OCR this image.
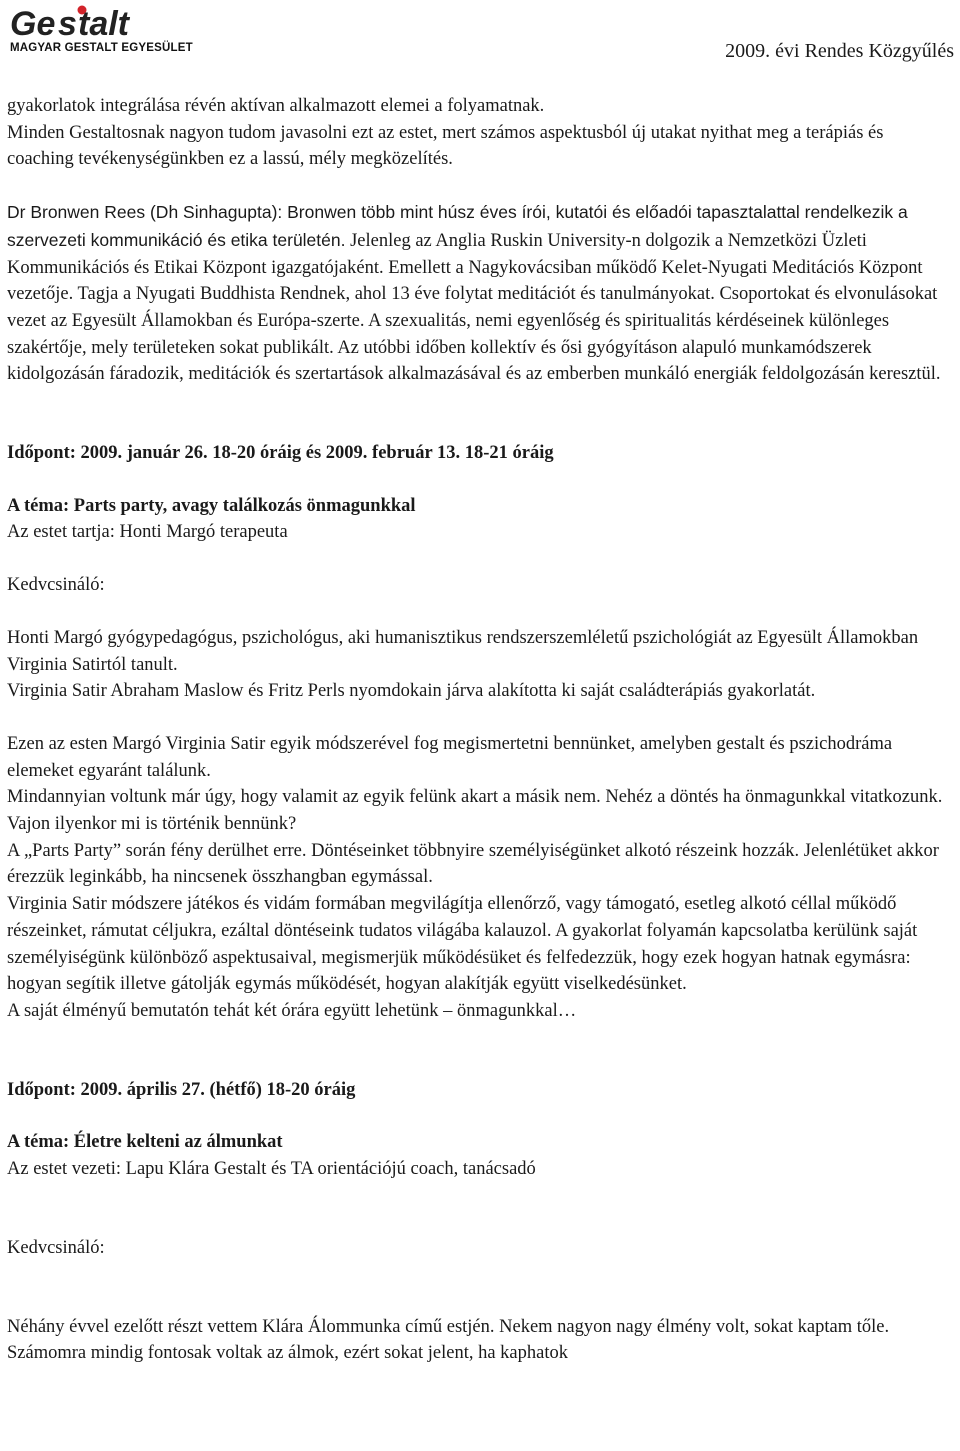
Ge s talt
MAGYAR GESTALT EGYESÜLET	2009. évi Rendes Közgyűlés

gyakorlatok integrálása révén aktívan alkalmazott elemei a folyamatnak.

Minden Gestaltosnak nagyon tudom javasolni ezt az estet, mert számos aspektusból új utakat nyithat meg a terápiás és coaching tevékenységünkben ez a lassú, mély megközelítés.

Dr Bronwen Rees (Dh Sinhagupta): Bronwen több mint húsz éves írói, kutatói és előadói tapasztalattal rendelkezik a szervezeti kommunikáció és etika területén. Jelenleg az Anglia Ruskin University-n dolgozik a Nemzetközi Üzleti Kommunikációs és Etikai Központ igazgatójaként. Emellett a Nagykovácsiban működő Kelet-Nyugati Meditációs Központ vezetője. Tagja a Nyugati Buddhista Rendnek, ahol 13 éve folytat meditációt és tanulmányokat. Csoportokat és elvonulásokat vezet az Egyesült Államokban és Európa-szerte. A szexualitás, nemi egyenlőség és spiritualitás kérdéseinek különleges szakértője, mely területeken sokat publikált. Az utóbbi időben kollektív és ősi gyógyításon alapuló munkamódszerek kidolgozásán fáradozik, meditációk és szertartások alkalmazásával és az emberben munkáló energiák feldolgozásán keresztül.

Időpont: 2009. január 26. 18-20 óráig és 2009. február 13. 18-21 óráig

A téma: Parts party, avagy találkozás önmagunkkal

Az estet tartja: Honti Margó terapeuta

Kedvcsináló:

Honti Margó gyógypedagógus, pszichológus, aki humanisztikus rendszerszemléletű pszichológiát az Egyesült Államokban Virginia Satirtól tanult.

Virginia Satir Abraham Maslow és Fritz Perls nyomdokain járva alakította ki saját családterápiás gyakorlatát.

Ezen az esten Margó Virginia Satir egyik módszerével fog megismertetni bennünket, amelyben gestalt és pszichodráma elemeket egyaránt találunk.

Mindannyian voltunk már úgy, hogy valamit az egyik felünk akart a másik nem. Nehéz a döntés ha önmagunkkal vitatkozunk. Vajon ilyenkor mi is történik bennünk?

A „Parts Party” során fény derülhet erre. Döntéseinket többnyire személyiségünket alkotó részeink hozzák. Jelenlétüket akkor érezzük leginkább, ha nincsenek összhangban egymással.

Virginia Satir módszere játékos és vidám formában megvilágítja ellenőrző, vagy támogató, esetleg alkotó céllal működő részeinket, rámutat céljukra, ezáltal döntéseink tudatos világába kalauzol. A gyakorlat folyamán kapcsolatba kerülünk saját személyiségünk különböző aspektusaival, megismerjük működésüket és felfedezzük, hogy ezek hogyan hatnak egymásra: hogyan segítik illetve gátolják egymás működését, hogyan alakítják együtt viselkedésünket.

A saját élményű bemutatón tehát két órára együtt lehetünk – önmagunkkal…

Időpont: 2009. április 27. (hétfő) 18-20 óráig

A téma: Életre kelteni az álmunkat

Az estet vezeti: Lapu Klára Gestalt és TA orientációjú coach, tanácsadó

Kedvcsináló:

Néhány évvel ezelőtt részt vettem Klára Álommunka című estjén. Nekem nagyon nagy élmény volt, sokat kaptam tőle. Számomra mindig fontosak voltak az álmok, ezért sokat jelent, ha kaphatok
